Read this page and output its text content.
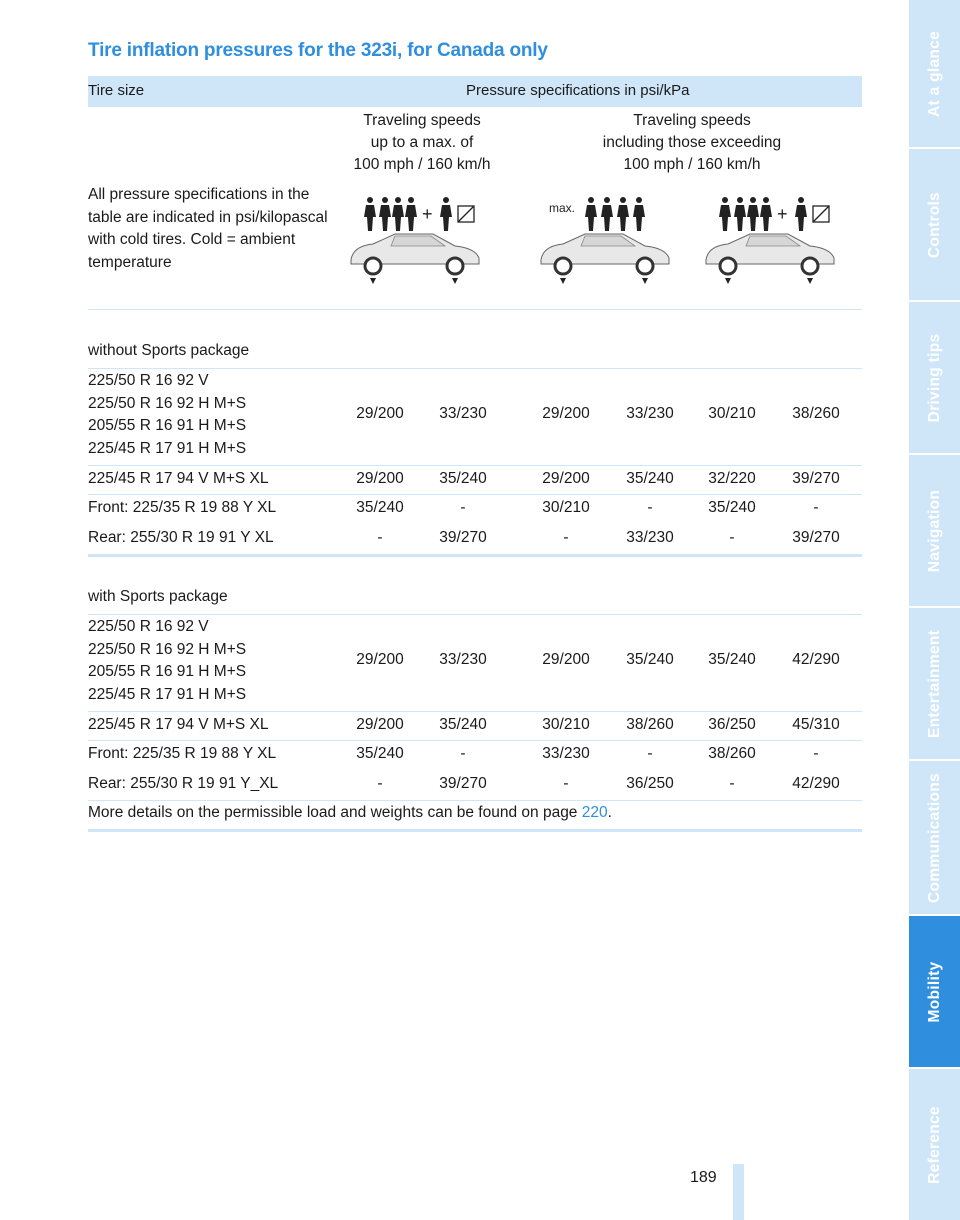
Tire inflation pressures for the 323i, for Canada only
Tire size	Pressure specifications in psi/kPa
Traveling speeds
up to a max. of
100 mph / 160 km/h
Traveling speeds
including those exceeding
100 mph / 160 km/h
All pressure specifications in the table are indicated in psi/kilopascal with cold tires. Cold = ambient temperature
+	max.	+
without Sports package
225/50 R 16 92 V
225/50 R 16 92 H M+S
205/55 R 16 91 H M+S
225/45 R 17 91 H M+S
29/200	33/230	29/200	33/230	30/210	38/260
225/45 R 17 94 V M+S XL	29/200	35/240	29/200	35/240	32/220	39/270
Front: 225/35 R 19 88 Y XL	35/240	-	30/210	-	35/240	-
Rear: 255/30 R 19 91 Y XL	-	39/270	-	33/230	-	39/270
with Sports package
225/50 R 16 92 V
225/50 R 16 92 H M+S
205/55 R 16 91 H M+S
225/45 R 17 91 H M+S
29/200	33/230	29/200	35/240	35/240	42/290
225/45 R 17 94 V M+S XL	29/200	35/240	30/210	38/260	36/250	45/310
Front: 225/35 R 19 88 Y XL	35/240	-	33/230	-	38/260	-
Rear: 255/30 R 19 91 Y_XL	-	39/270	-	36/250	-	42/290
More details on the permissible load and weights can be found on page 220.
189
At a glance
Controls
Driving tips
Navigation
Entertainment
Communications
Mobility
Reference
